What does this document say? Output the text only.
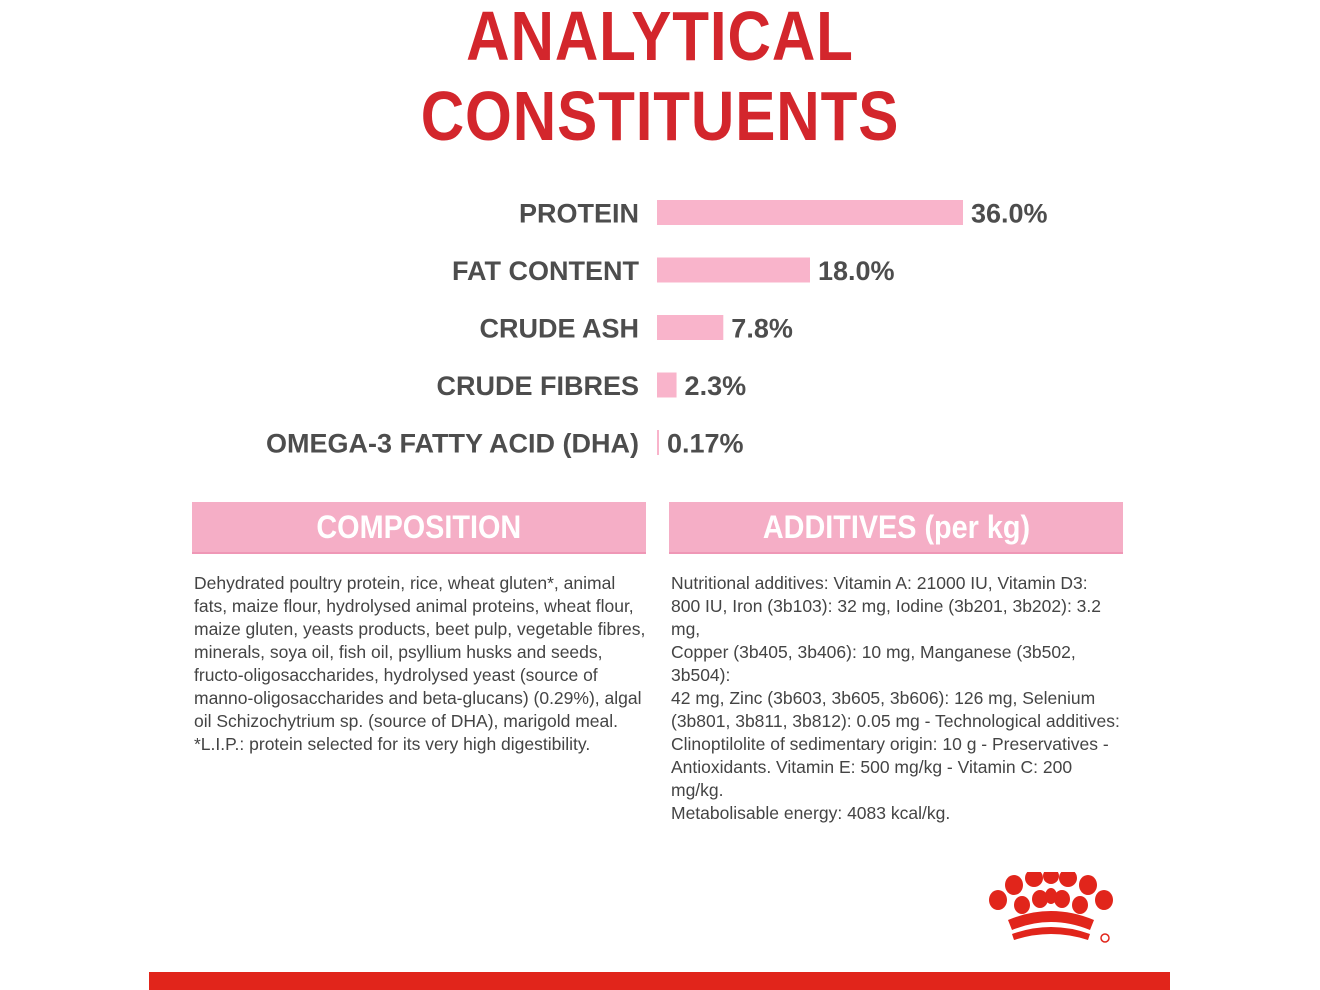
ANALYTICAL
CONSTITUENTS
PROTEIN	36.0%
FAT CONTENT	18.0%
CRUDE ASH	7.8%
CRUDE FIBRES 2.3%
OMEGA-3 FATTY ACID (DHA) 0.17%
COMPOSITION
Dehydrated poultry protein, rice, wheat gluten*, animal
fats, maize flour, hydrolysed animal proteins, wheat flour,
maize gluten, yeasts products, beet pulp, vegetable fibres,
minerals, soya oil, fish oil, psyllium husks and seeds,
fructo-oligosaccharides, hydrolysed yeast (source of
manno-oligosaccharides and beta-glucans) (0.29%), algal
oil Schizochytrium sp. (source of DHA), marigold meal.
*L.I.P.: protein selected for its very high digestibility.
ADDITIVES (per kg)
Nutritional additives: Vitamin A: 21000 IU, Vitamin D3:
800 IU, Iron (3b103): 32 mg, Iodine (3b201, 3b202): 3.2 mg,
Copper (3b405, 3b406): 10 mg, Manganese (3b502, 3b504):
42 mg, Zinc (3b603, 3b605, 3b606): 126 mg, Selenium
(3b801, 3b811, 3b812): 0.05 mg - Technological additives:
Clinoptilolite of sedimentary origin: 10 g - Preservatives -
Antioxidants. Vitamin E: 500 mg/kg - Vitamin C: 200 mg/kg.
Metabolisable energy: 4083 kcal/kg.
